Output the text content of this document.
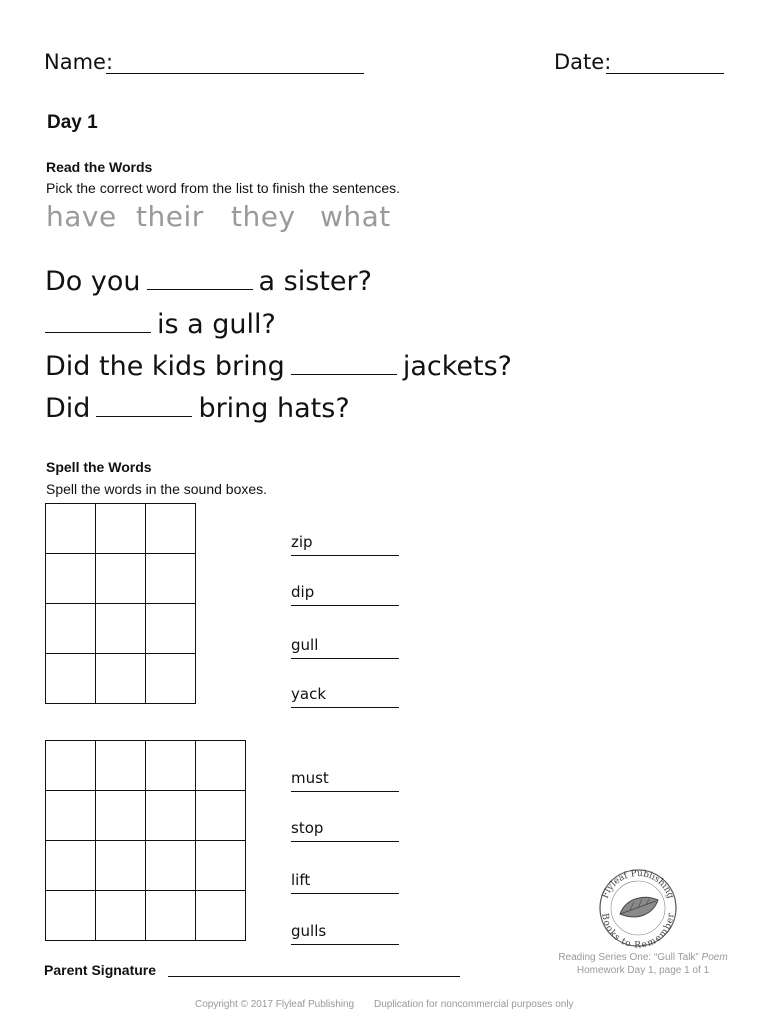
Name:	Date:
Day 1
Read the Words
Pick the correct word from the list to finish the sentences.
have their they what
Do you	a sister?
is a gull?
Did the kids bring	jackets?
Did	bring hats?
Spell the Words
Spell the words in the sound boxes.

zip
dip
gull
yack

must
stop
lift
gulls
Flyleaf Publishing
Books to Remember
Reading Series One: “Gull Talk” Poem
Homework Day 1, page 1 of 1
Parent Signature
Copyright © 2017 Flyleaf Publishing Duplication for noncommercial purposes only
